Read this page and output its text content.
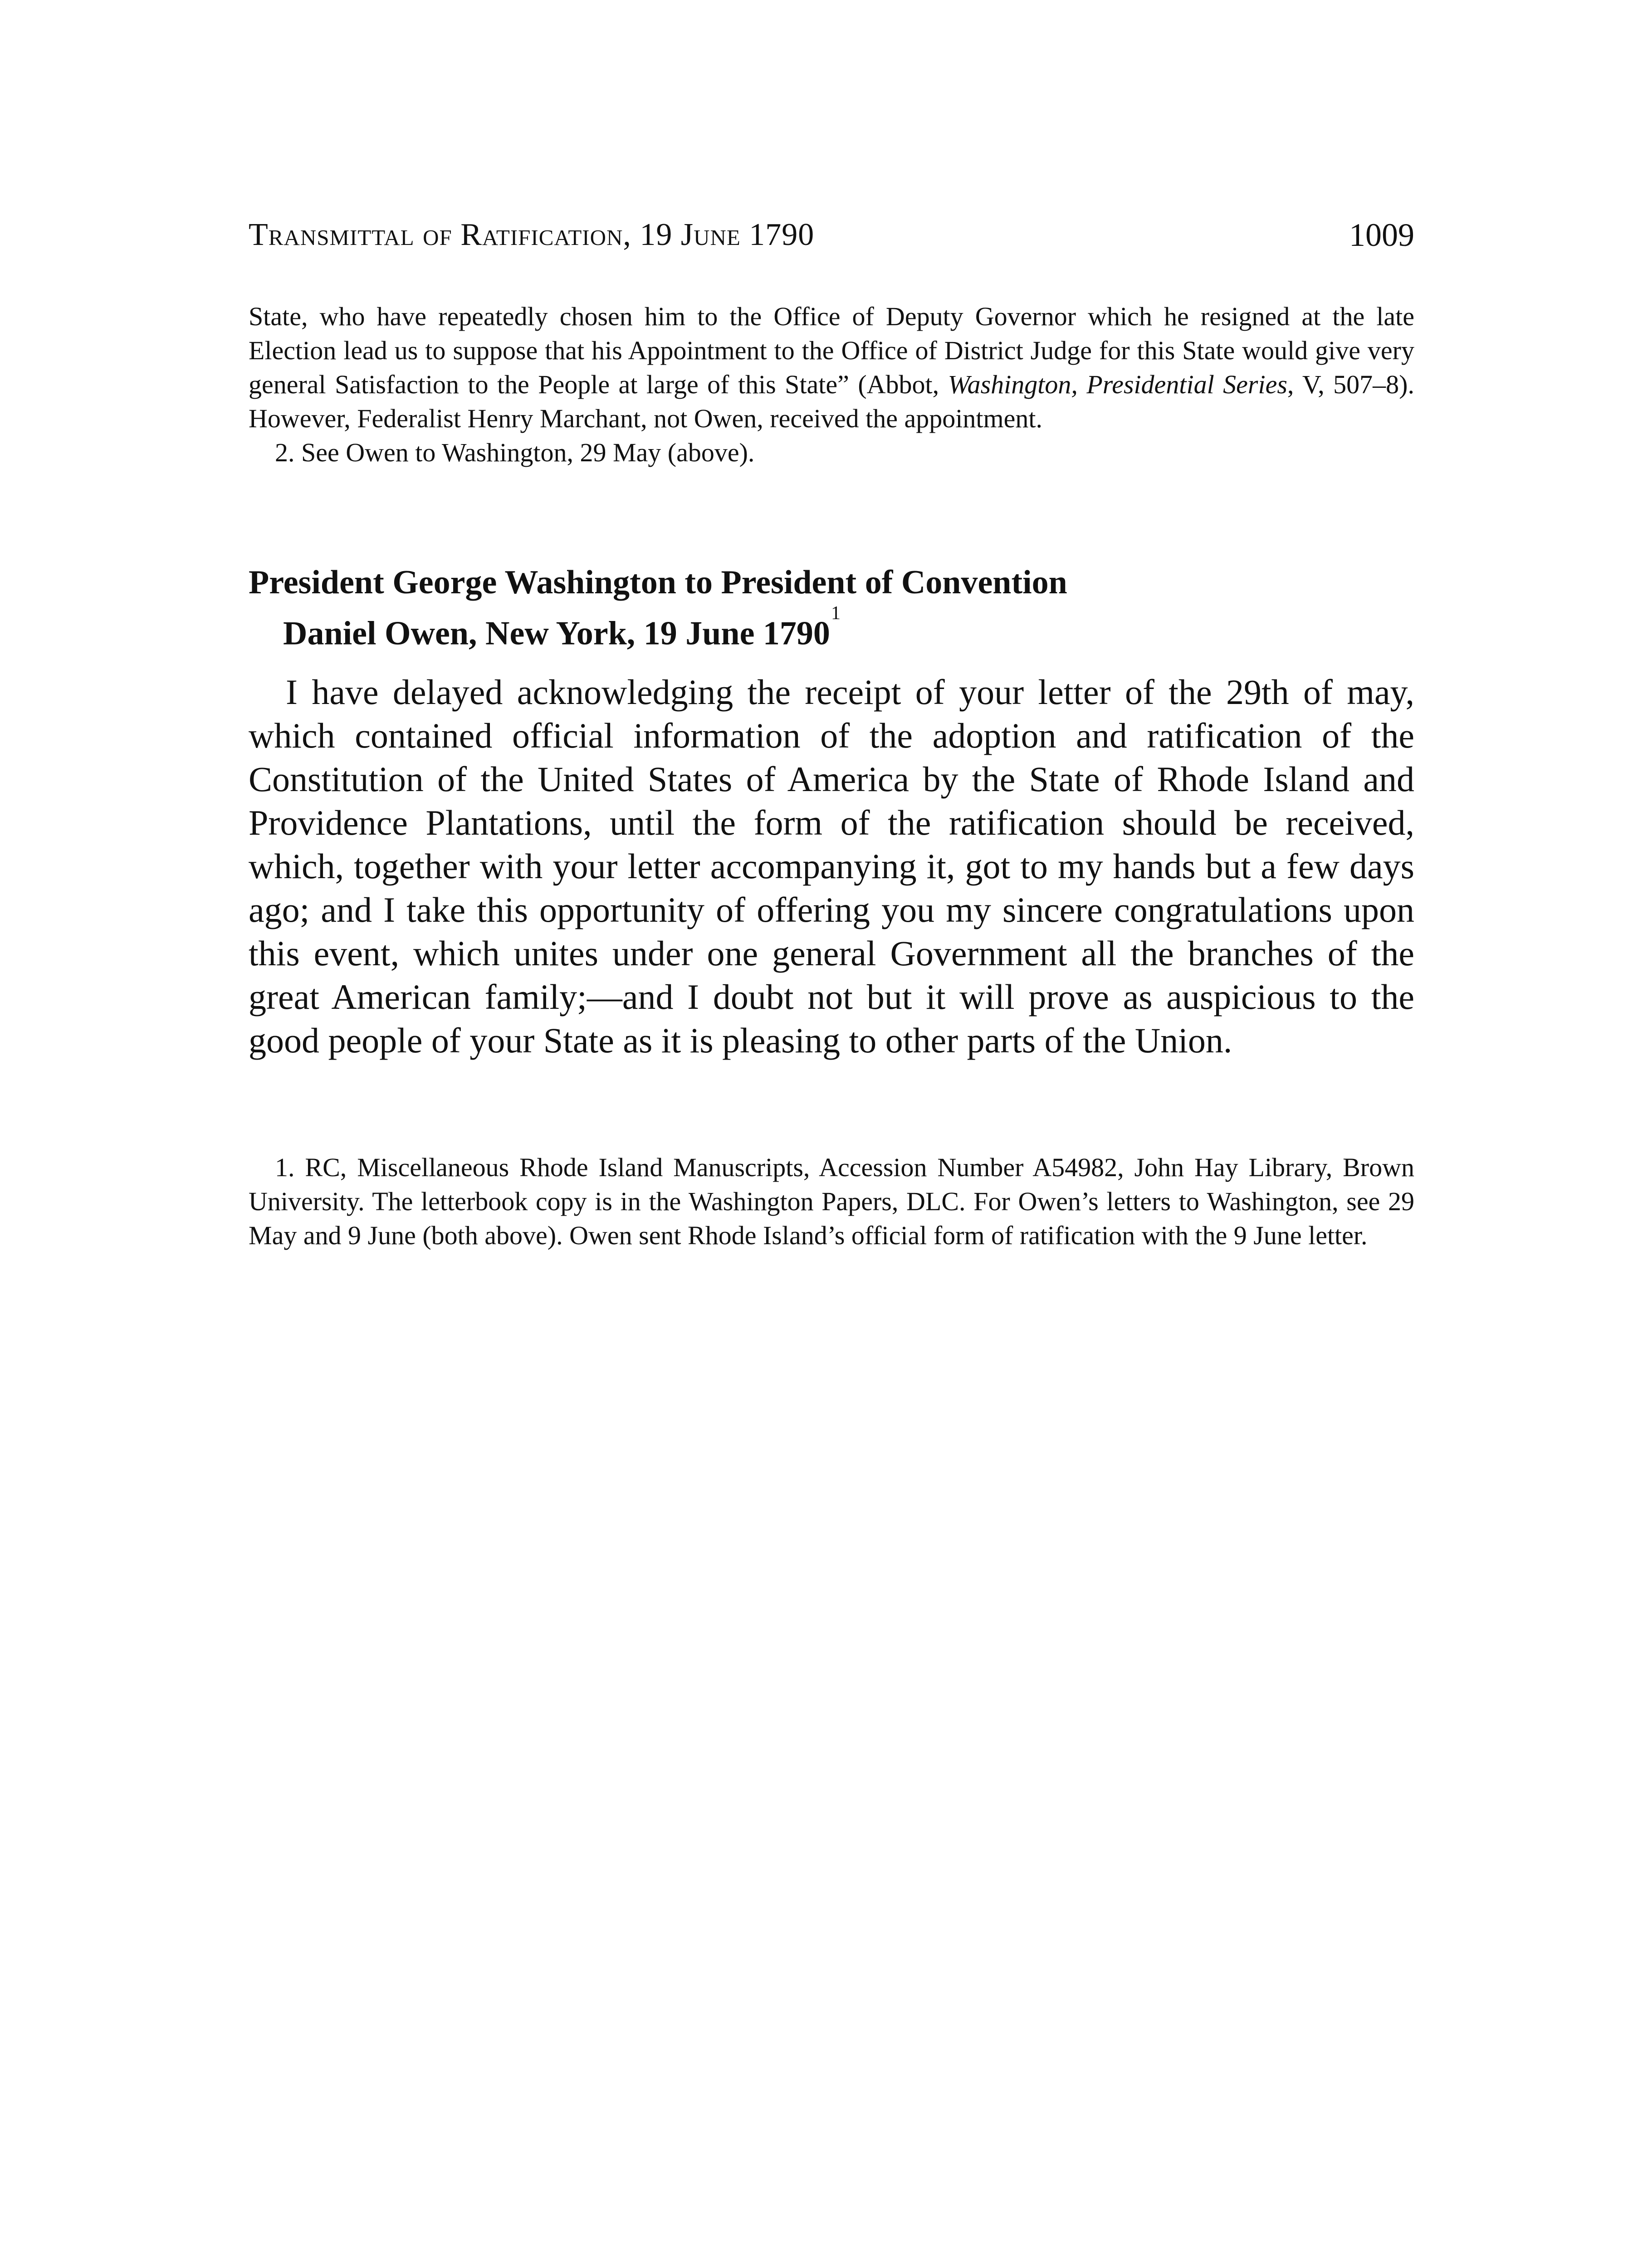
Transmittal of Ratification, 19 June 1790	1009

State, who have repeatedly chosen him to the Office of Deputy Governor which he resigned at the late Election lead us to suppose that his Appointment to the Office of District Judge for this State would give very general Satisfaction to the People at large of this State” (Abbot, Washington, Presidential Series, V, 507–8). However, Federalist Henry Marchant, not Owen, received the appointment.

2. See Owen to Washington, 29 May (above).

President George Washington to President of Convention
Daniel Owen, New York, 19 June 1790$^1$

I have delayed acknowledging the receipt of your letter of the 29th of may, which contained official information of the adoption and ratification of the Constitution of the United States of America by the State of Rhode Island and Providence Plantations, until the form of the ratification should be received, which, together with your letter accompanying it, got to my hands but a few days ago; and I take this opportunity of offering you my sincere congratulations upon this event, which unites under one general Government all the branches of the great American family;—and I doubt not but it will prove as auspicious to the good people of your State as it is pleasing to other parts of the Union.

1. RC, Miscellaneous Rhode Island Manuscripts, Accession Number A54982, John Hay Library, Brown University. The letterbook copy is in the Washington Papers, DLC. For Owen’s letters to Washington, see 29 May and 9 June (both above). Owen sent Rhode Island’s official form of ratification with the 9 June letter.
